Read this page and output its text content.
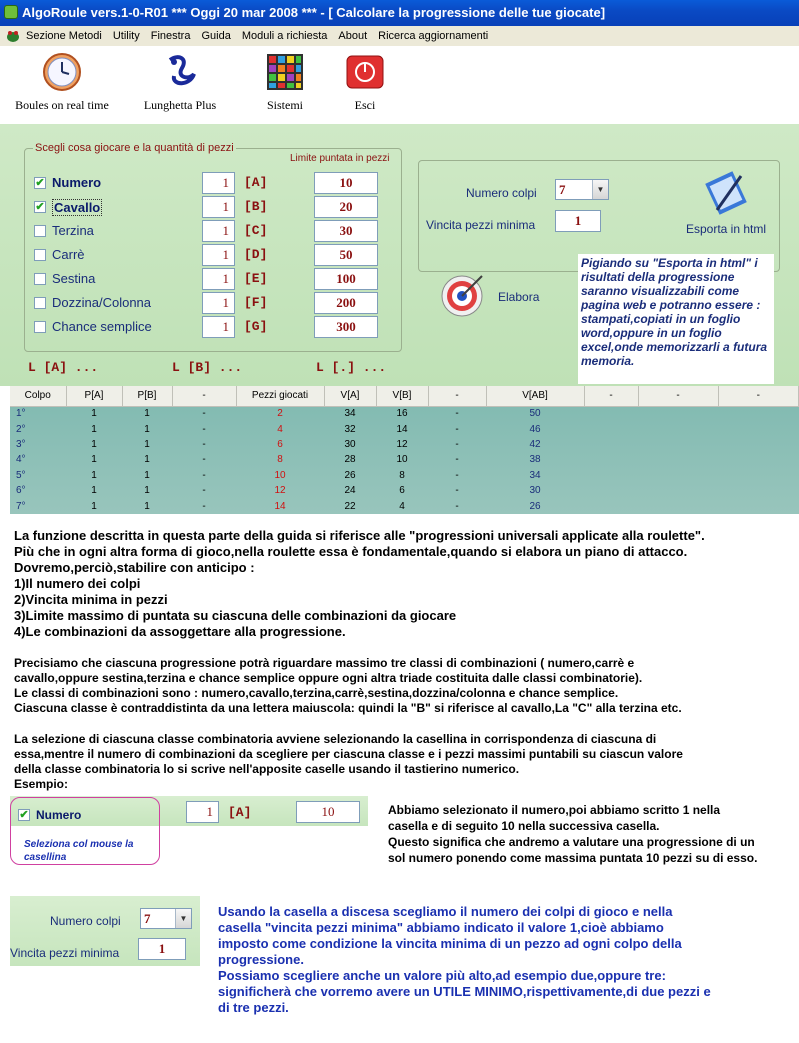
AlgoRoule vers.1-0-R01 *** Oggi 20 mar 2008 *** - [ Calcolare la progressione delle tue giocate]
Sezione Metodi Utility Finestra Guida Moduli a richiesta About Ricerca aggiornamenti
Boules on real time	Lunghetta Plus	Sistemi	Esci
Scegli cosa giocare e la quantità di pezzi
Limite puntata in pezzi
✔ Numero	1	[A]	10
✔ Cavallo	1	[B]	20
Terzina	1	[C]	30
Carrè	1	[D]	50
Sestina	1	[E]	100
Dozzina/Colonna	1	[F]	200
Chance semplice	1	[G]	300
L [A] ...	L [B] ...	L [.] ...
Numero colpi	7	▼
Vincita pezzi minima	1
Esporta in html
Elabora
Pigiando su "Esporta in html" i risultati della progressione saranno visualizzabili come pagina web e potranno essere : stampati,copiati in un foglio word,oppure in un foglio excel,onde memorizzarli a futura memoria.
Colpo	P[A]	P[B]	-	Pezzi giocati	V[A]	V[B]	-	V[AB]	-	-	-
1°	1	1	-	2	34	16	-	50			
2°	1	1	-	4	32	14	-	46			
3°	1	1	-	6	30	12	-	42			
4°	1	1	-	8	28	10	-	38			
5°	1	1	-	10	26	8	-	34			
6°	1	1	-	12	24	6	-	30			
7°	1	1	-	14	22	4	-	26			
La funzione descritta in questa parte della guida si riferisce alle "progressioni universali applicate alla roulette".
Più che in ogni altra forma di gioco,nella roulette essa è fondamentale,quando si elabora un piano di attacco.
Dovremo,perciò,stabilire con anticipo :
1)Il numero dei colpi
2)Vincita minima in pezzi
3)Limite massimo di puntata su ciascuna delle combinazioni da giocare
4)Le combinazioni da assoggettare alla progressione.
Precisiamo che ciascuna progressione potrà riguardare massimo tre classi di combinazioni ( numero,carrè e
cavallo,oppure sestina,terzina e chance semplice oppure ogni altra triade costituita dalle classi combinatorie).
Le classi di combinazioni sono : numero,cavallo,terzina,carrè,sestina,dozzina/colonna e chance semplice.
Ciascuna classe è contraddistinta da una lettera maiuscola: quindi la "B" si riferisce al cavallo,La "C" alla terzina etc.
La selezione di ciascuna classe combinatoria avviene selezionando la casellina in corrispondenza di ciascuna di
essa,mentre il numero di combinazioni da scegliere per ciascuna classe e i pezzi massimi puntabili su ciascun valore
della classe combinatoria lo si scrive nell'apposite caselle usando il tastierino numerico.
Esempio:
✔ Numero	1	[A]	10
Seleziona col mouse la casellina
Abbiamo selezionato il numero,poi abbiamo scritto 1 nella
casella e di seguito 10 nella successiva casella.
Questo significa che andremo a valutare una progressione di un
sol numero ponendo come massima puntata 10 pezzi su di esso.
Numero colpi	7	▼
Vincita pezzi minima	1
Usando la casella a discesa scegliamo il numero dei colpi di gioco e nella
casella "vincita pezzi minima" abbiamo indicato il valore 1,cioè abbiamo
imposto come condizione la vincita minima di un pezzo ad ogni colpo della
progressione.
Possiamo scegliere anche un valore più alto,ad esempio due,oppure tre:
significherà che vorremo avere un UTILE MINIMO,rispettivamente,di due pezzi e
di tre pezzi.
